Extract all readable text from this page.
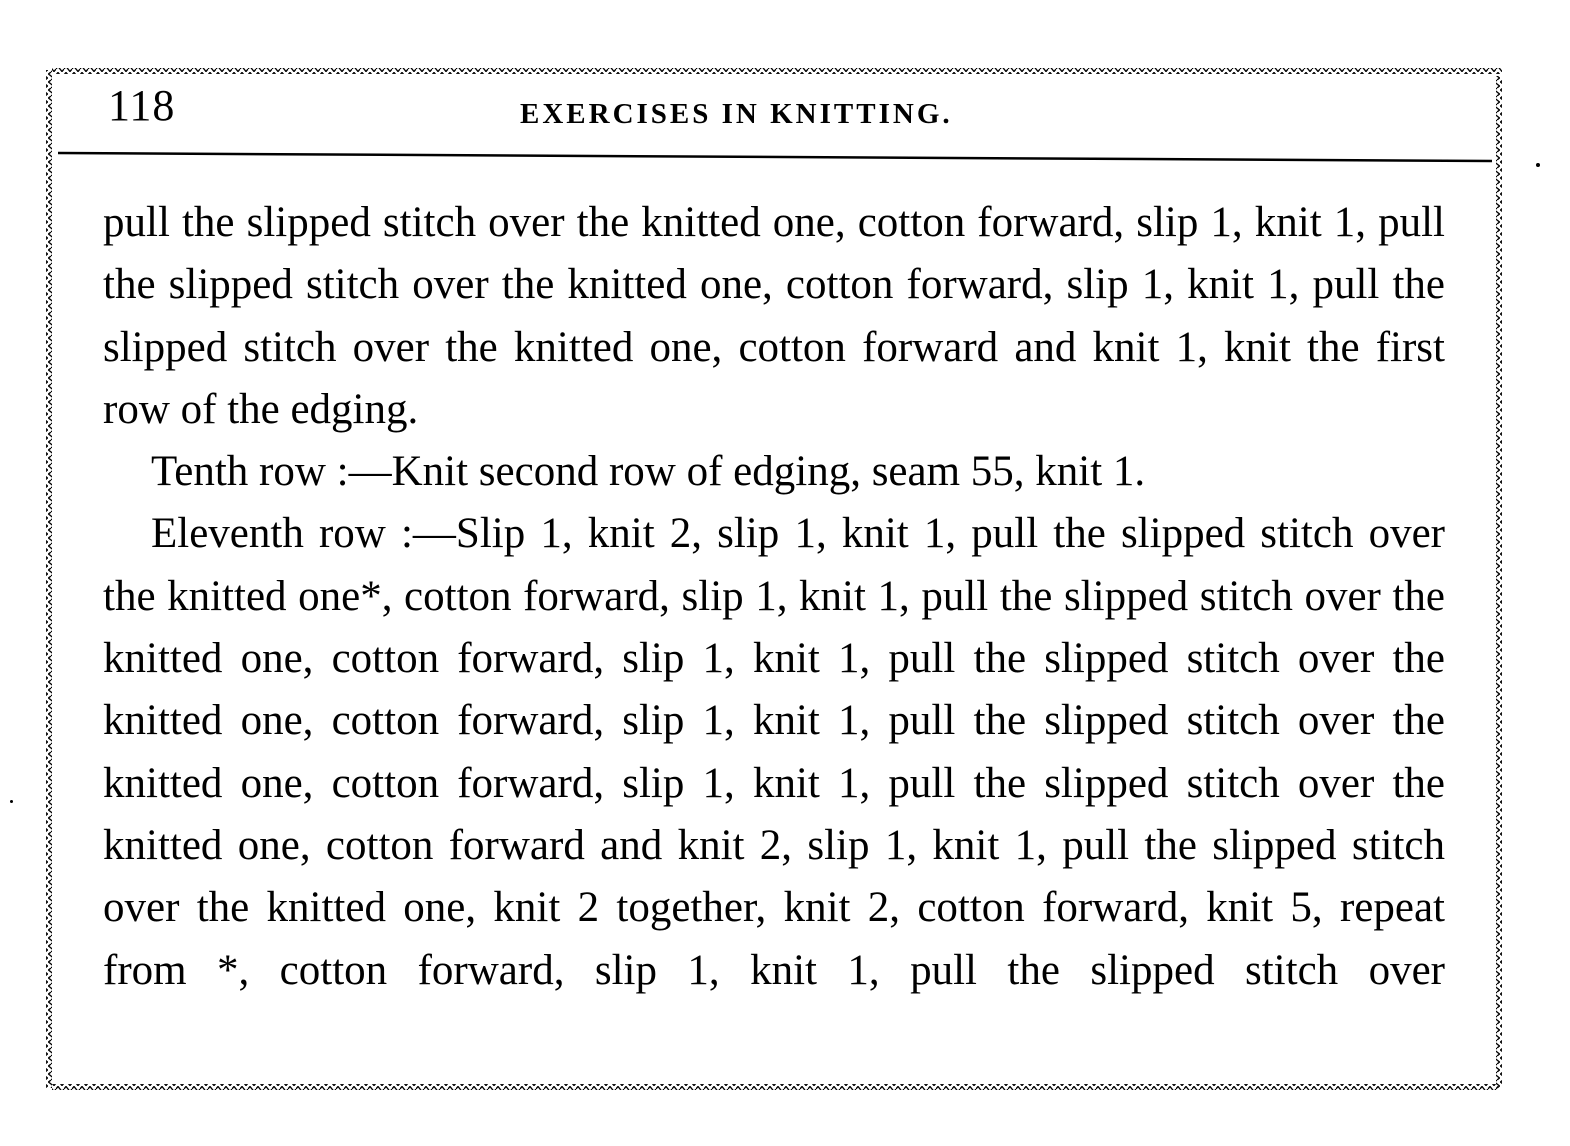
118	EXERCISES IN KNITTING.

pull the slipped stitch over the knitted one, cotton forward, slip 1, knit 1, pull the slipped stitch over the knitted one, cotton forward, slip 1, knit 1, pull the slipped stitch over the knitted one, cotton forward and knit 1, knit the first row of the edging.

Tenth row :—Knit second row of edging, seam 55, knit 1.

Eleventh row :—Slip 1, knit 2, slip 1, knit 1, pull the slipped stitch over the knitted one*, cotton forward, slip 1, knit 1, pull the slipped stitch over the knitted one, cotton forward, slip 1, knit 1, pull the slipped stitch over the knitted one, cotton forward, slip 1, knit 1, pull the slipped stitch over the knitted one, cotton forward, slip 1, knit 1, pull the slipped stitch over the knitted one, cotton forward and knit 2, slip 1, knit 1, pull the slipped stitch over the knitted one, knit 2 together, knit 2, cotton forward, knit 5, repeat from *, cotton forward, slip 1, knit 1, pull the slipped stitch over
